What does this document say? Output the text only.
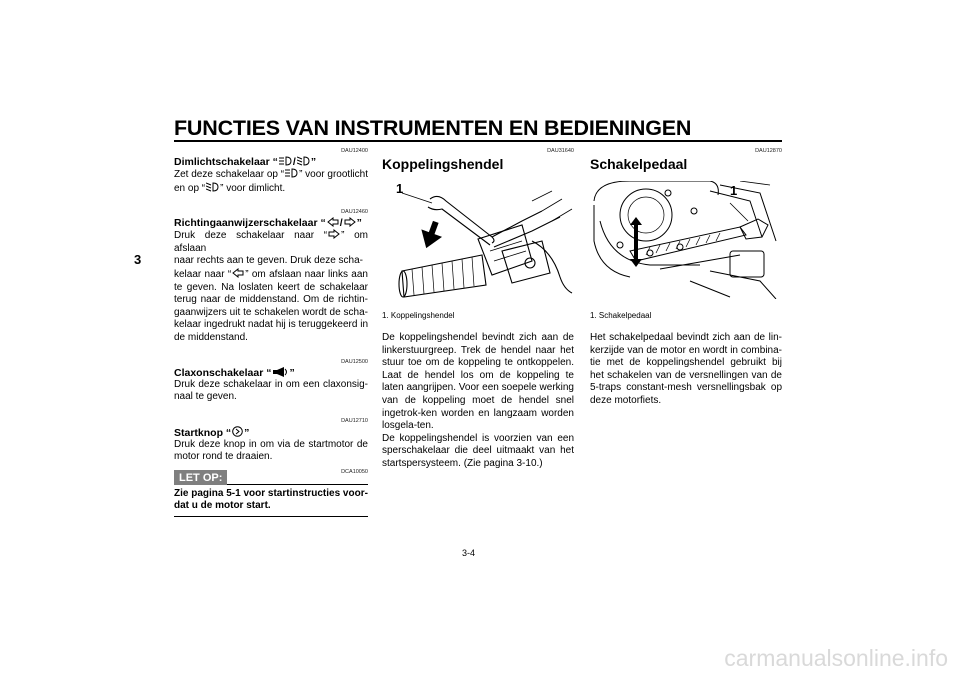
FUNCTIES VAN INSTRUMENTEN EN BEDIENINGEN
3
DAU12400
Dimlichtschakelaar “ / ”
Zet deze schakelaar op “ ” voor grootlicht
en op “ ” voor dimlicht.
DAU12460
Richtingaanwijzerschakelaar “ / ”
Druk deze schakelaar naar “ ” om afslaan
naar rechts aan te geven. Druk deze scha-
kelaar naar “ ” om afslaan naar links aan te geven. Na loslaten keert de schakelaar terug naar de middenstand. Om de richtin-gaanwijzers uit te schakelen wordt de scha-kelaar ingedrukt nadat hij is teruggekeerd in de middenstand.
DAU12500
Claxonschakelaar “ ”
Druk deze schakelaar in om een claxonsig-naal te geven.
DAU12710
Startknop “ ”
Druk deze knop in om via de startmotor de motor rond te draaien.
LET OP:	DCA10050
Zie pagina 5-1 voor startinstructies voor-dat u de motor start.
DAU31640
Koppelingshendel
1
1. Koppelingshendel
De koppelingshendel bevindt zich aan de linkerstuurgreep. Trek de hendel naar het stuur toe om de koppeling te ontkoppelen. Laat de hendel los om de koppeling te laten aangrijpen. Voor een soepele werking van de koppeling moet de hendel snel ingetrok-ken worden en langzaam worden losgela-ten.
De koppelingshendel is voorzien van een sperschakelaar die deel uitmaakt van het startspersysteem. (Zie pagina 3-10.)
DAU12870
Schakelpedaal
1
1. Schakelpedaal
Het schakelpedaal bevindt zich aan de lin-kerzijde van de motor en wordt in combina-tie met de koppelingshendel gebruikt bij het schakelen van de versnellingen van de 5-traps constant-mesh versnellingsbak op deze motorfiets.
3-4
carmanualsonline.info
